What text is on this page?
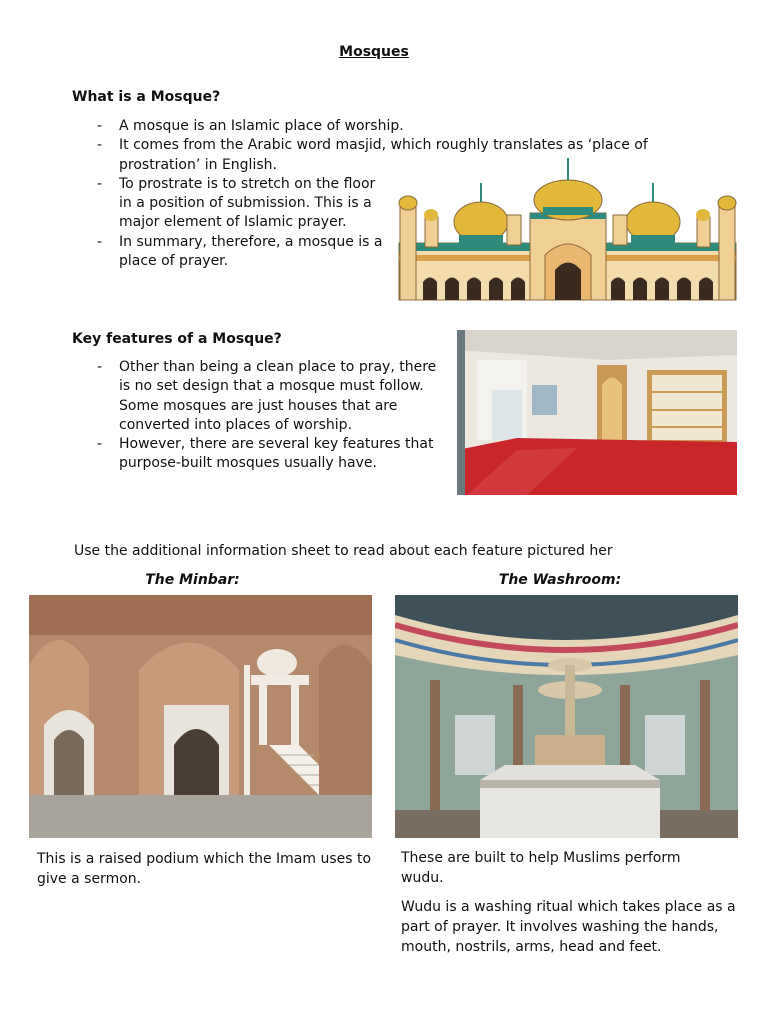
Mosques
What is a Mosque?
- A mosque is an Islamic place of worship.
- It comes from the Arabic word masjid, which roughly translates as ‘place of prostration’ in English.
- To prostrate is to stretch on the floor in a position of submission. This is a major element of Islamic prayer.
- In summary, therefore, a mosque is a place of prayer.
Key features of a Mosque?
- Other than being a clean place to pray, there is no set design that a mosque must follow. Some mosques are just houses that are converted into places of worship.
- However, there are several key features that purpose-built mosques usually have.
Use the additional information sheet to read about each feature pictured her
The Minbar:	The Washroom:
This is a raised podium which the Imam uses to give a sermon.
These are built to help Muslims perform wudu.
Wudu is a washing ritual which takes place as a part of prayer. It involves washing the hands, mouth, nostrils, arms, head and feet.
